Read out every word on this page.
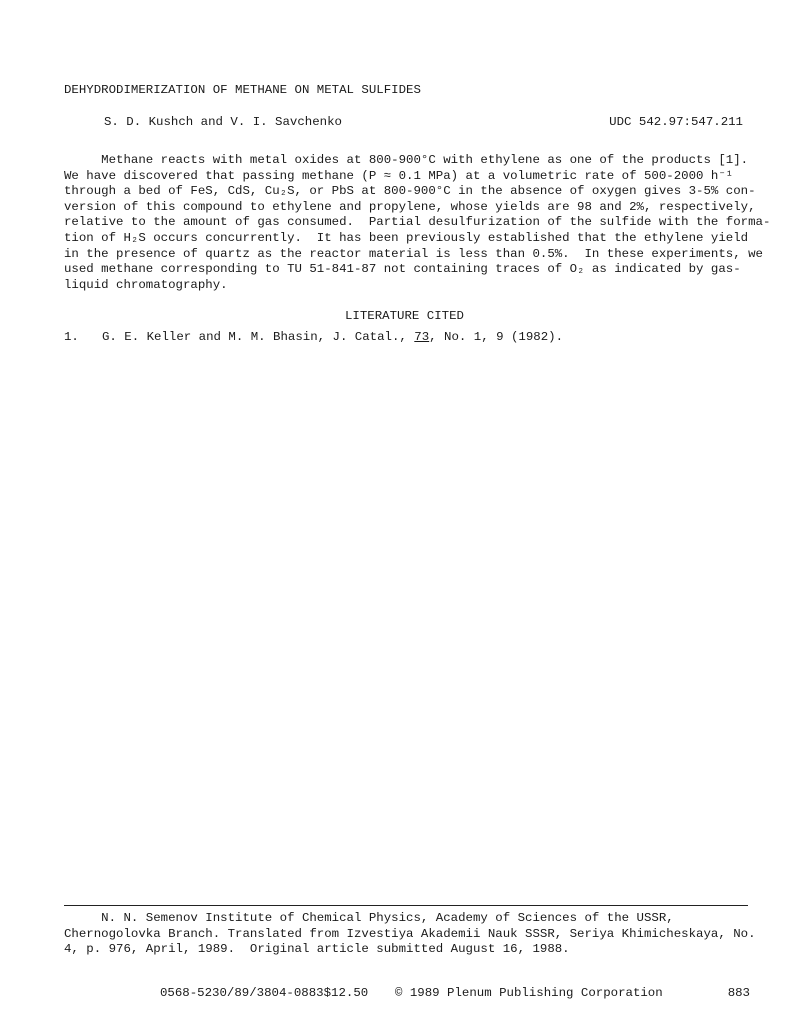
DEHYDRODIMERIZATION OF METHANE ON METAL SULFIDES
S. D. Kushch and V. I. Savchenko	UDC 542.97:547.211
Methane reacts with metal oxides at 800-900°C with ethylene as one of the products [1].
We have discovered that passing methane (P ≈ 0.1 MPa) at a volumetric rate of 500-2000 h⁻¹
through a bed of FeS, CdS, Cu₂S, or PbS at 800-900°C in the absence of oxygen gives 3-5% con-
version of this compound to ethylene and propylene, whose yields are 98 and 2%, respectively,
relative to the amount of gas consumed.  Partial desulfurization of the sulfide with the forma-
tion of H₂S occurs concurrently.  It has been previously established that the ethylene yield
in the presence of quartz as the reactor material is less than 0.5%.  In these experiments, we
used methane corresponding to TU 51-841-87 not containing traces of O₂ as indicated by gas-
liquid chromatography.
LITERATURE CITED
1. G. E. Keller and M. M. Bhasin, J. Catal., 73, No. 1, 9 (1982).
N. N. Semenov Institute of Chemical Physics, Academy of Sciences of the USSR,
Chernogolovka Branch. Translated from Izvestiya Akademii Nauk SSSR, Seriya Khimicheskaya, No.
4, p. 976, April, 1989.  Original article submitted August 16, 1988.
0568-5230/89/3804-0883$12.50 © 1989 Plenum Publishing Corporation	883
